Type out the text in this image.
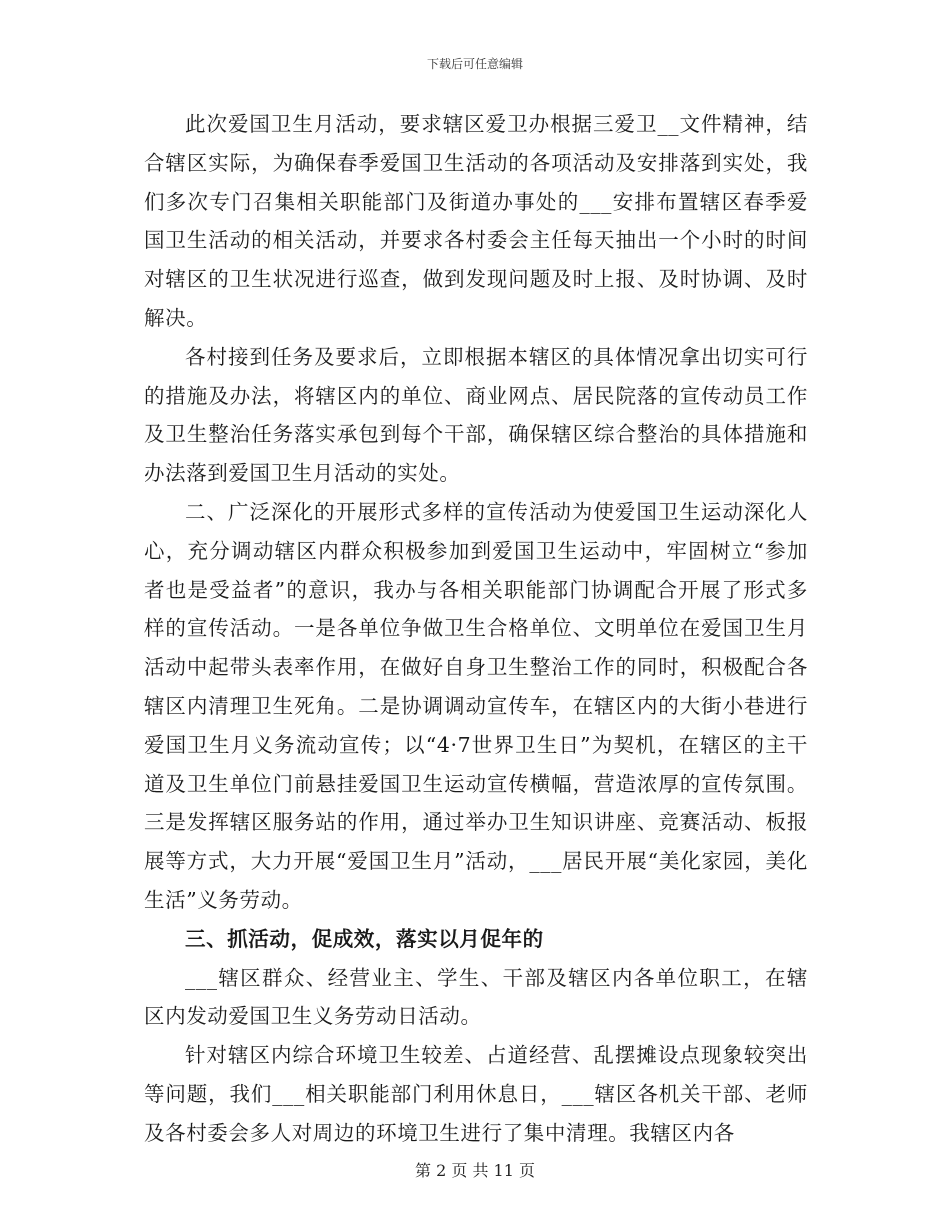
下载后可任意编辑

此次爱国卫生月活动，要求辖区爱卫办根据三爱卫__文件精神，结合辖区实际，为确保春季爱国卫生活动的各项活动及安排落到实处，我们多次专门召集相关职能部门及街道办事处的___安排布置辖区春季爱国卫生活动的相关活动，并要求各村委会主任每天抽出一个小时的时间对辖区的卫生状况进行巡查，做到发现问题及时上报、及时协调、及时解决。

各村接到任务及要求后，立即根据本辖区的具体情况拿出切实可行的措施及办法，将辖区内的单位、商业网点、居民院落的宣传动员工作及卫生整治任务落实承包到每个干部，确保辖区综合整治的具体措施和办法落到爱国卫生月活动的实处。

二、广泛深化的开展形式多样的宣传活动为使爱国卫生运动深化人心，充分调动辖区内群众积极参加到爱国卫生运动中，牢固树立“参加者也是受益者”的意识，我办与各相关职能部门协调配合开展了形式多样的宣传活动。一是各单位争做卫生合格单位、文明单位在爱国卫生月活动中起带头表率作用，在做好自身卫生整治工作的同时，积极配合各辖区内清理卫生死角。二是协调调动宣传车，在辖区内的大街小巷进行爱国卫生月义务流动宣传；以“4·7世界卫生日”为契机，在辖区的主干道及卫生单位门前悬挂爱国卫生运动宣传横幅，营造浓厚的宣传氛围。三是发挥辖区服务站的作用，通过举办卫生知识讲座、竞赛活动、板报展等方式，大力开展“爱国卫生月”活动，___居民开展“美化家园，美化生活”义务劳动。

三、抓活动，促成效，落实以月促年的

___辖区群众、经营业主、学生、干部及辖区内各单位职工，在辖区内发动爱国卫生义务劳动日活动。

针对辖区内综合环境卫生较差、占道经营、乱摆摊设点现象较突出等问题，我们___相关职能部门利用休息日，___辖区各机关干部、老师及各村委会多人对周边的环境卫生进行了集中清理。我辖区内各

第 2 页 共 11 页
